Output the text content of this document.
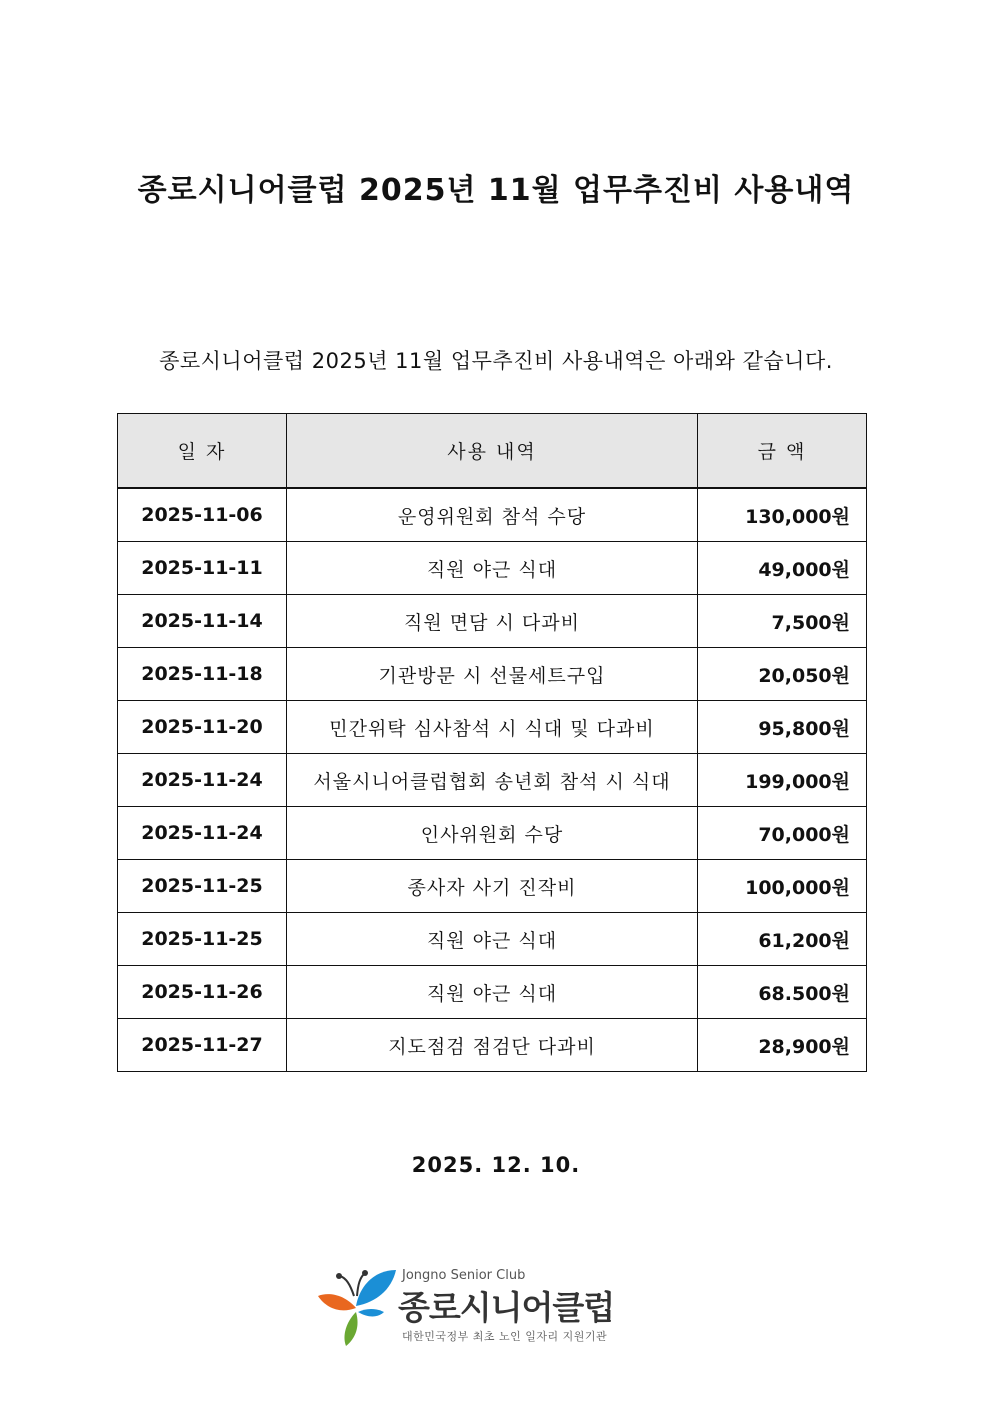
종로시니어클럽 2025년 11월 업무추진비 사용내역
종로시니어클럽 2025년 11월 업무추진비 사용내역은 아래와 같습니다.
일 자	사용 내역	금 액
2025-11-06	운영위원회 참석 수당	130,000원
2025-11-11	직원 야근 식대	49,000원
2025-11-14	직원 면담 시 다과비	7,500원
2025-11-18	기관방문 시 선물세트구입	20,050원
2025-11-20	민간위탁 심사참석 시 식대 및 다과비	95,800원
2025-11-24	서울시니어클럽협회 송년회 참석 시 식대	199,000원
2025-11-24	인사위원회 수당	70,000원
2025-11-25	종사자 사기 진작비	100,000원
2025-11-25	직원 야근 식대	61,200원
2025-11-26	직원 야근 식대	68.500원
2025-11-27	지도점검 점검단 다과비	28,900원
2025. 12. 10.
Jongno Senior Club
종로시니어클럽
대한민국정부 최초 노인 일자리 지원기관
